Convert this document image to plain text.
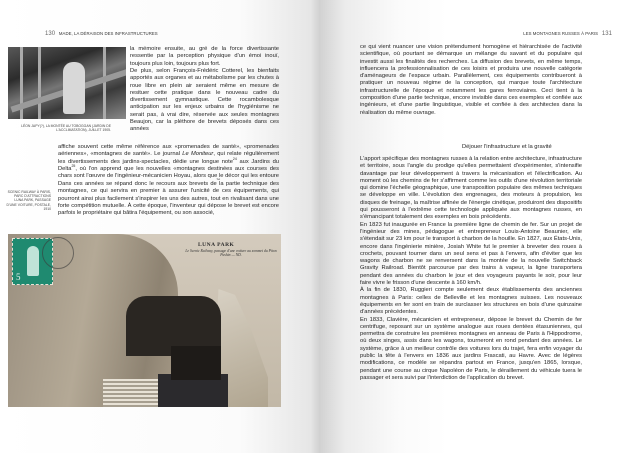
130 MADE, LA DÉRAISON DES INFRASTRUCTURES
LÉON JAPY(?), LA MONTÉE AU TOBOGGAN (JARDIN DE L'ACCLIMATATION), JUILLET 1905.

la mémoire ensuite, au gré de la force divertissante ressentie par la perception physique d'un émoi inouï, toujours plus loin, toujours plus fort.

De plus, selon François-Frédéric Cotterel, les bienfaits apportés aux organes et au métabolisme par les chutes à roue libre en plein air seraient même en mesure de resituer cette pratique dans le nouveau cadre du divertissement gymnastique. Cette rocambolesque anticipation sur les enjeux urbains de l'hygiénisme ne serait pas, à vrai dire, réservée aux seules montagnes Beaujon, car la pléthore de brevets déposés dans ces années

affiche souvent cette même référence aux «promenades de santé», «promenades aériennes», «montagnes de santé». Le journal Le Moniteur, qui relate régulièrement les divertissements des jardins-spectacles, dédie une longue note$^{24}$ aux Jardins du Delta$^{25}$, où l'on apprend que les nouvelles «montagnes destinées aux courses des chars sont l'œuvre de l'ingénieur-mécanicien Hoyau, alors que le décor qui les entoure

Dans ces années se répand donc le recours aux brevets de la partie technique des montagnes, ce qui servira en premier à assurer l'unicité de ces équipements, qui pourront ainsi plus facilement s'inspirer les uns des autres, tout en rivalisant dans une forte compétition mutuelle. À cette époque, l'inventeur qui dépose le brevet est encore parfois le propriétaire qui bâtira l'équipement, ou son associé,

SCENIC RAILWAY À PARIS, PARC D'ATTRACTIONS LUNA PARK, PASSAGE D'UNE VOITURE, POSTALE, 1910
5
LUNA PARK
Le Scenic Railway, passage d'une voiture au sommet du Piton Pushin — ND.
LES MONTAGNES RUSSES À PARIS 131

ce qui vient nuancer une vision prétendument homogène et hiérarchisée de l'activité scientifique, où pourtant se démarque un mélange du savant et du populaire qui investit aussi les finalités des recherches. La diffusion des brevets, en même temps, influencera la professionnalisation de ces loisirs et produira une nouvelle catégorie d'aménageurs de l'espace urbain. Parallèlement, ces équipements contribueront à pratiquer un nouveau régime de la conception, qui marque toute l'architecture infrastructurelle de l'époque et notamment les gares ferroviaires. Ceci tient à la composition d'une partie technique, encore invisible dans ces exemples et confiée aux ingénieurs, et d'une partie linguistique, visible et confiée à des architectes dans la réalisation du même ouvrage.

Déjouer l'infrastructure et la gravité

L'apport spécifique des montagnes russes à la relation entre architecture, infrastructure et territoire, sous l'angle du prodige qu'elles permettaient d'expérimenter, s'intensifie davantage par leur développement à travers la mécanisation et l'électrification. Au moment où les chemins de fer s'affirment comme les outils d'une révolution territoriale qui domine l'échelle géographique, une transposition populaire des mêmes techniques se développe en ville. L'évolution des engrenages, des moteurs à propulsion, les disques de freinage, la maîtrise affinée de l'énergie cinétique, produiront des dispositifs qui pousseront à l'extrême cette technologie appliquée aux montagnes russes, en s'émancipant totalement des exemples en bois précédents.

En 1823 fut inaugurée en France la première ligne de chemin de fer. Sur un projet de l'ingénieur des mines, pédagogue et entrepreneur Louis-Antoine Beaunier, elle s'étendait sur 23 km pour le transport à charbon de la houille. En 1827, aux États-Unis, encore dans l'ingénierie minière, Josiah White fut le premier à breveter des roues à crochets, pouvant tourner dans un seul sens et pas à l'envers, afin d'éviter que les wagons de charbon ne se renversent dans la montée de la nouvelle Switchback Gravity Railroad. Bientôt parcourue par des trains à vapeur, la ligne transportera pendant des années du charbon le jour et des voyageurs payants le soir, pour leur faire vivre le frisson d'une descente à 160 km/h.

À la fin de 1830, Ruggieri compte seulement deux établissements des anciennes montagnes à Paris: celles de Belleville et les montagnes suisses. Les nouveaux équipements en fer sont en train de surclasser les structures en bois d'une quinzaine d'années précédentes.

En 1833, Clavière, mécanicien et entrepreneur, dépose le brevet du Chemin de fer centrifuge, reposant sur un système analogue aux roues dentées étasuniennes, qui permettra de construire les premières montagnes en anneau de Paris à l'Hippodrome, où deux singes, assis dans les wagons, tourneront en rond pendant des années. Le système, grâce à un meilleur contrôle des voitures lors du trajet, fera enfin voyager du public la tête à l'envers en 1836 aux jardins Frascati, au Havre. Avec de légères modifications, ce modèle se répandra partout en France, jusqu'en 1865, lorsque, pendant une course au cirque Napoléon de Paris, le déraillement du véhicule tuera le passager et sera suivi par l'interdiction de l'application du brevet.
